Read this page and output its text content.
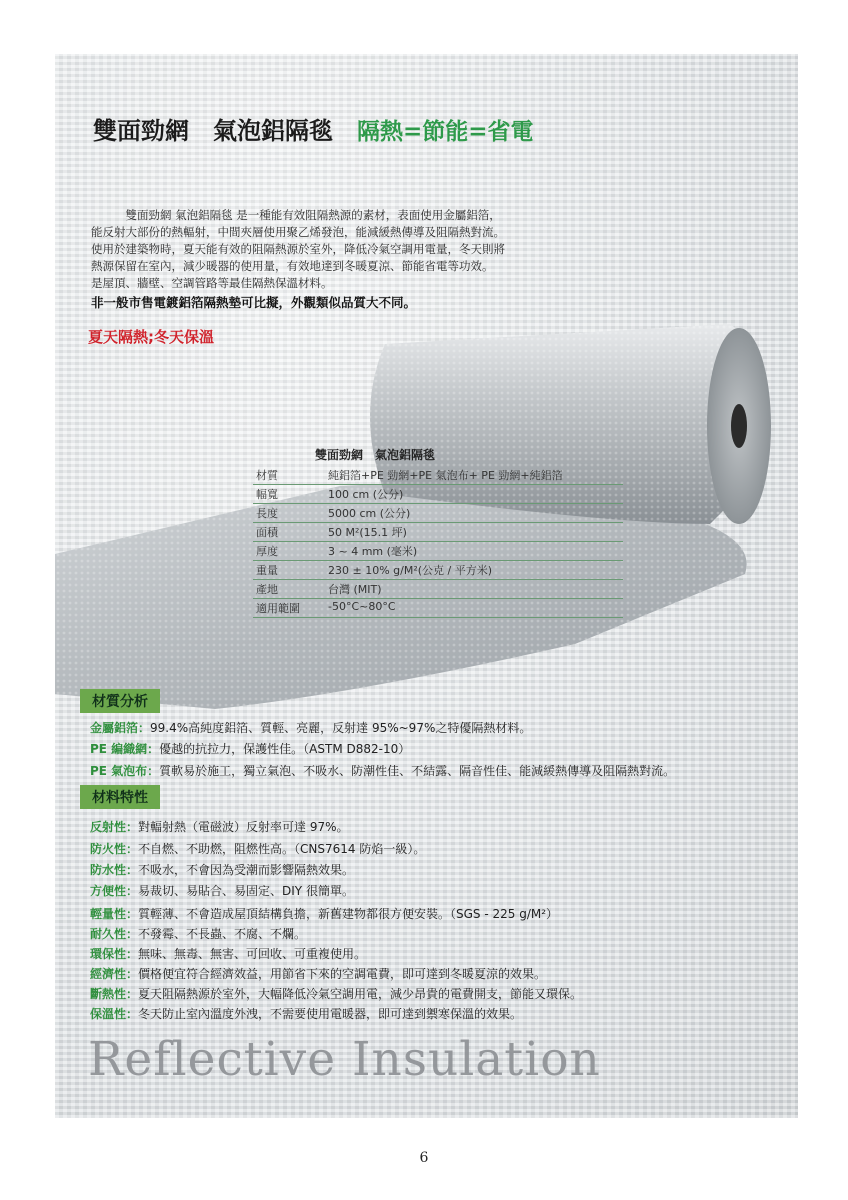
雙面勁網　氣泡鋁隔毯 隔熱=節能=省電
　　　雙面勁網 氣泡鋁隔毯 是一種能有效阻隔熱源的素材，表面使用金屬鋁箔，
能反射大部份的熱輻射，中間夾層使用聚乙烯發泡，能減緩熱傳導及阻隔熱對流。
使用於建築物時，夏天能有效的阻隔熱源於室外，降低冷氣空調用電量，冬天則將
熱源保留在室內，減少暖器的使用量，有效地達到冬暖夏涼、節能省電等功效。
是屋頂、牆壁、空調管路等最佳隔熱保溫材料。
非一般市售電鍍鋁箔隔熱墊可比擬，外觀類似品質大不同。
夏天隔熱;冬天保溫
雙面勁網　氣泡鋁隔毯
材質	純鋁箔+PE 勁網+PE 氣泡布+ PE 勁網+純鋁箔
幅寬	100 cm (公分)
長度	5000 cm (公分)
面積	50 M²(15.1 坪)
厚度	3 ~ 4 mm (毫米)
重量	230 ± 10% g/M²(公克 / 平方米)
產地	台灣 (MIT)
適用範圍	-50°C~80°C
材質分析
金屬鋁箔：99.4%高純度鋁箔、質輕、亮麗，反射達 95%~97%之特優隔熱材料。
PE 編織網：優越的抗拉力，保護性佳。（ASTM D882-10）
PE 氣泡布：質軟易於施工，獨立氣泡、不吸水、防潮性佳、不結露、隔音性佳、能減緩熱傳導及阻隔熱對流。
材料特性
反射性：對輻射熱（電磁波）反射率可達 97%。
防火性：不自燃、不助燃，阻燃性高。（CNS7614 防焰一級）。
防水性：不吸水，不會因為受潮而影響隔熱效果。
方便性：易裁切、易貼合、易固定、DIY 很簡單。
輕量性：質輕薄、不會造成屋頂結構負擔，新舊建物都很方便安裝。（SGS - 225 g/M²）
耐久性：不發霉、不長蟲、不腐、不爛。
環保性：無味、無毒、無害、可回收、可重複使用。
經濟性：價格便宜符合經濟效益，用節省下來的空調電費，即可達到冬暖夏涼的效果。
斷熱性：夏天阻隔熱源於室外，大幅降低冷氣空調用電，減少昂貴的電費開支，節能又環保。
保溫性：冬天防止室內溫度外洩，不需要使用電暖器，即可達到禦寒保溫的效果。
Reflective Insulation
6
